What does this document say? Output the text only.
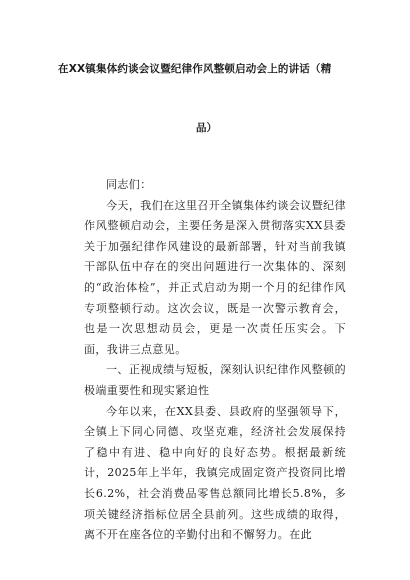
在XX镇集体约谈会议暨纪律作风整顿启动会上的讲话（精
品）

同志们：

今天，我们在这里召开全镇集体约谈会议暨纪律作风整顿启动会，主要任务是深入贯彻落实XX县委关于加强纪律作风建设的最新部署，针对当前我镇干部队伍中存在的突出问题进行一次集体的、深刻的“政治体检”，并正式启动为期一个月的纪律作风专项整顿行动。这次会议，既是一次警示教育会，也是一次思想动员会，更是一次责任压实会。下面，我讲三点意见。

一、正视成绩与短板，深刻认识纪律作风整顿的极端重要性和现实紧迫性

今年以来，在XX县委、县政府的坚强领导下，全镇上下同心同德、攻坚克难，经济社会发展保持了稳中有进、稳中向好的良好态势。根据最新统计，2025年上半年，我镇完成固定资产投资同比增长6.2%，社会消费品零售总额同比增长5.8%，多项关键经济指标位居全县前列。这些成绩的取得，离不开在座各位的辛勤付出和不懈努力。在此
